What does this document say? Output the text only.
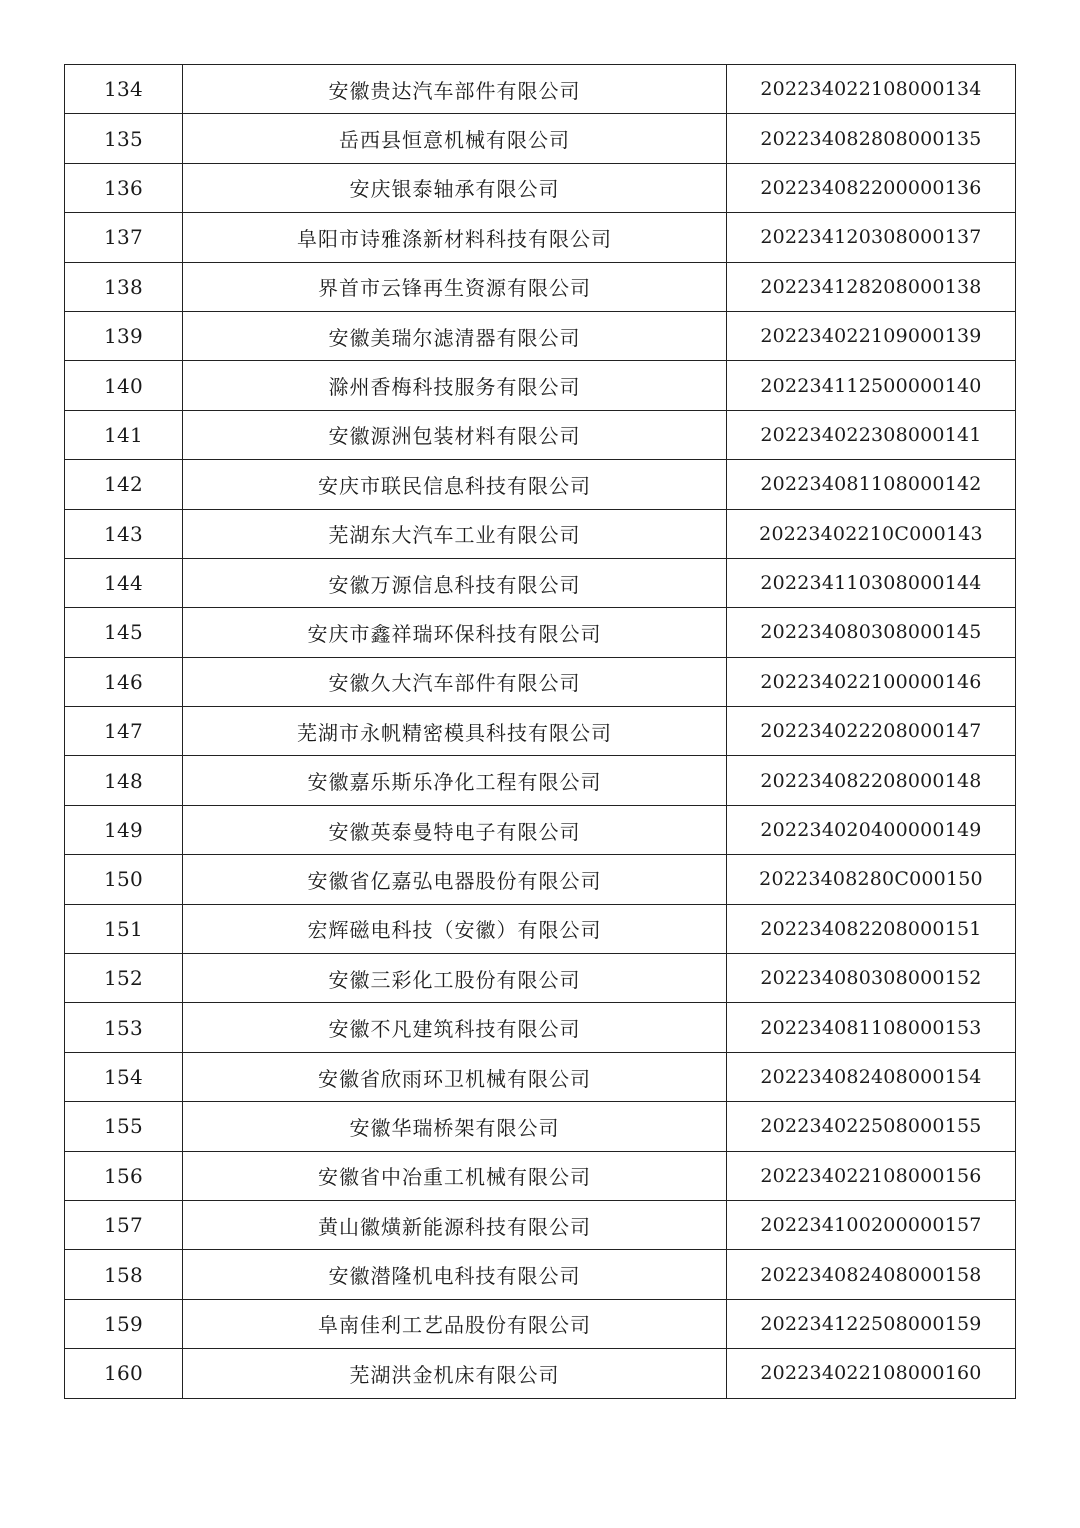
134	安徽贵达汽车部件有限公司	202234022108000134
135	岳西县恒意机械有限公司	202234082808000135
136	安庆银泰轴承有限公司	202234082200000136
137	阜阳市诗雅涤新材料科技有限公司	202234120308000137
138	界首市云锋再生资源有限公司	202234128208000138
139	安徽美瑞尔滤清器有限公司	202234022109000139
140	滁州香梅科技服务有限公司	202234112500000140
141	安徽源洲包装材料有限公司	202234022308000141
142	安庆市联民信息科技有限公司	202234081108000142
143	芜湖东大汽车工业有限公司	20223402210C000143
144	安徽万源信息科技有限公司	202234110308000144
145	安庆市鑫祥瑞环保科技有限公司	202234080308000145
146	安徽久大汽车部件有限公司	202234022100000146
147	芜湖市永帆精密模具科技有限公司	202234022208000147
148	安徽嘉乐斯乐净化工程有限公司	202234082208000148
149	安徽英泰曼特电子有限公司	202234020400000149
150	安徽省亿嘉弘电器股份有限公司	20223408280C000150
151	宏辉磁电科技（安徽）有限公司	202234082208000151
152	安徽三彩化工股份有限公司	202234080308000152
153	安徽不凡建筑科技有限公司	202234081108000153
154	安徽省欣雨环卫机械有限公司	202234082408000154
155	安徽华瑞桥架有限公司	202234022508000155
156	安徽省中冶重工机械有限公司	202234022108000156
157	黄山徽熿新能源科技有限公司	202234100200000157
158	安徽潜隆机电科技有限公司	202234082408000158
159	阜南佳利工艺品股份有限公司	202234122508000159
160	芜湖洪金机床有限公司	202234022108000160
